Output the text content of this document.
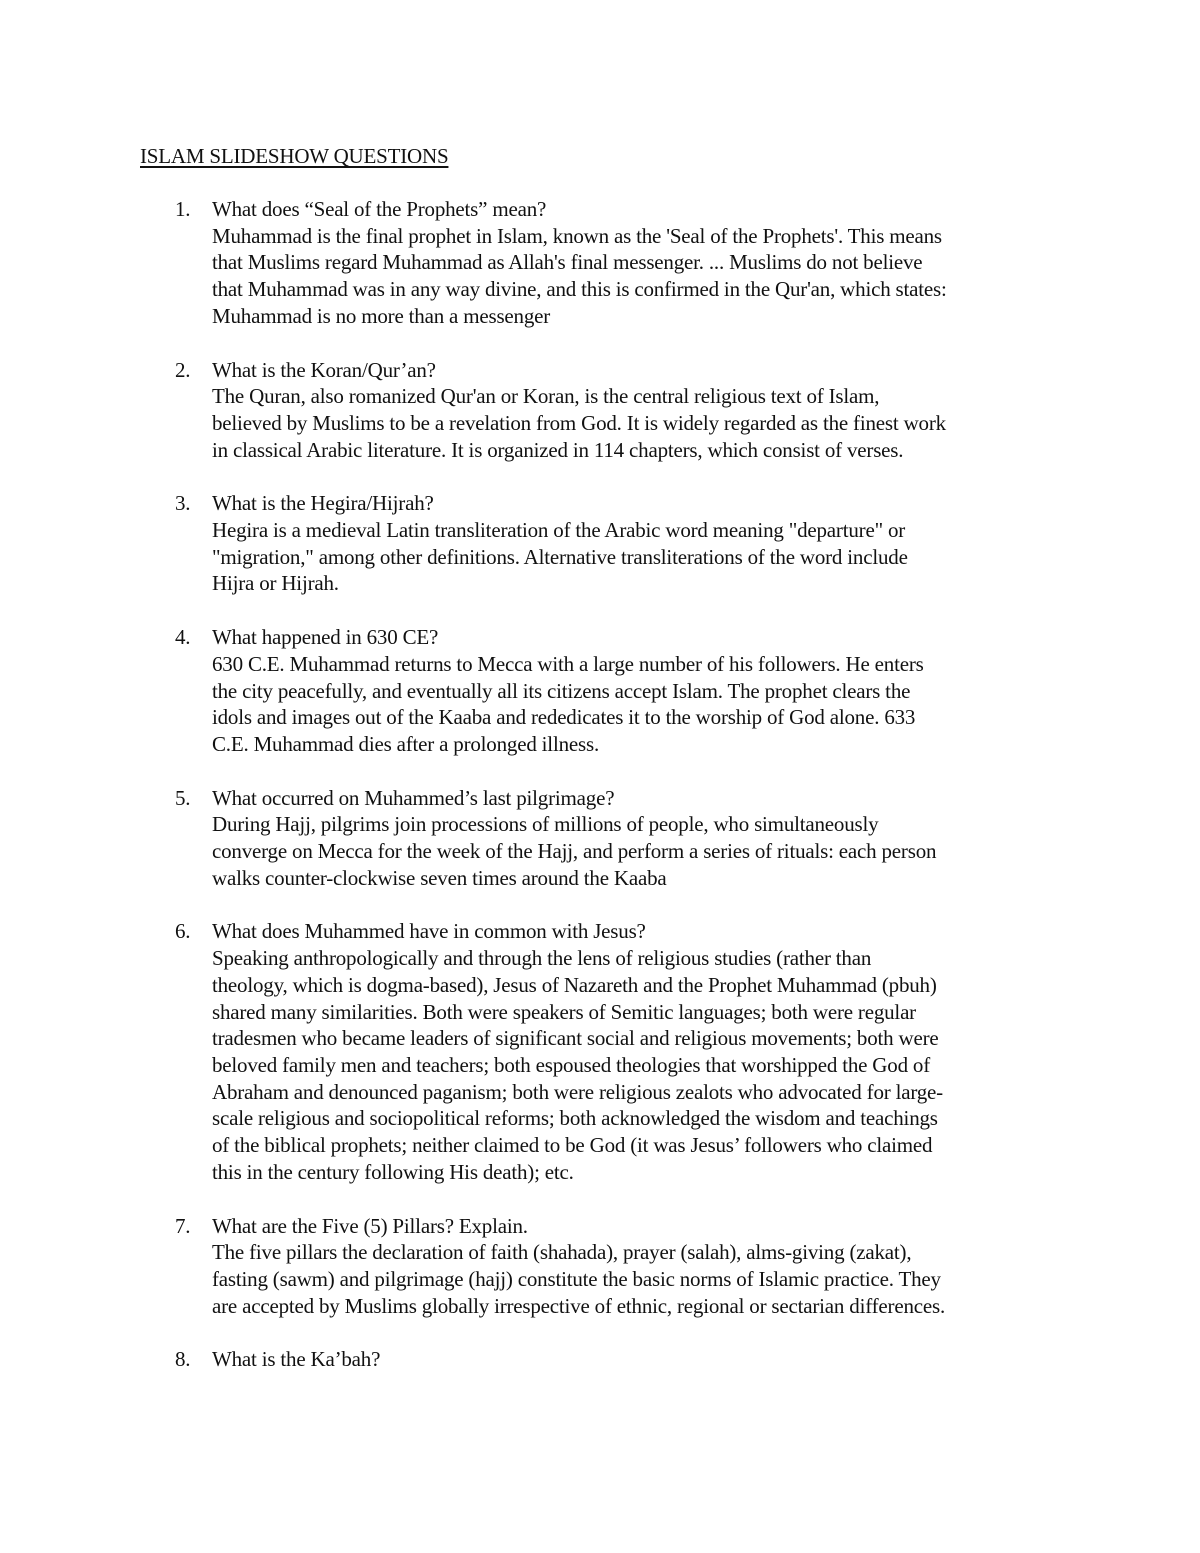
ISLAM SLIDESHOW QUESTIONS
1. What does “Seal of the Prophets” mean?
Muhammad is the final prophet in Islam, known as the 'Seal of the Prophets'. This means
that Muslims regard Muhammad as Allah's final messenger. ... Muslims do not believe
that Muhammad was in any way divine, and this is confirmed in the Qur'an, which states:
Muhammad is no more than a messenger
2. What is the Koran/Qur’an?
The Quran, also romanized Qur'an or Koran, is the central religious text of Islam,
believed by Muslims to be a revelation from God. It is widely regarded as the finest work
in classical Arabic literature. It is organized in 114 chapters, which consist of verses.
3. What is the Hegira/Hijrah?
Hegira is a medieval Latin transliteration of the Arabic word meaning "departure" or
"migration," among other definitions. Alternative transliterations of the word include
Hijra or Hijrah.
4. What happened in 630 CE?
630 C.E. Muhammad returns to Mecca with a large number of his followers. He enters
the city peacefully, and eventually all its citizens accept Islam. The prophet clears the
idols and images out of the Kaaba and rededicates it to the worship of God alone. 633
C.E. Muhammad dies after a prolonged illness.
5. What occurred on Muhammed’s last pilgrimage?
During Hajj, pilgrims join processions of millions of people, who simultaneously
converge on Mecca for the week of the Hajj, and perform a series of rituals: each person
walks counter-clockwise seven times around the Kaaba
6. What does Muhammed have in common with Jesus?
Speaking anthropologically and through the lens of religious studies (rather than
theology, which is dogma-based), Jesus of Nazareth and the Prophet Muhammad (pbuh)
shared many similarities. Both were speakers of Semitic languages; both were regular
tradesmen who became leaders of significant social and religious movements; both were
beloved family men and teachers; both espoused theologies that worshipped the God of
Abraham and denounced paganism; both were religious zealots who advocated for large-
scale religious and sociopolitical reforms; both acknowledged the wisdom and teachings
of the biblical prophets; neither claimed to be God (it was Jesus’ followers who claimed
this in the century following His death); etc.
7. What are the Five (5) Pillars? Explain.
The five pillars the declaration of faith (shahada), prayer (salah), alms-giving (zakat),
fasting (sawm) and pilgrimage (hajj) constitute the basic norms of Islamic practice. They
are accepted by Muslims globally irrespective of ethnic, regional or sectarian differences.
8. What is the Ka’bah?
